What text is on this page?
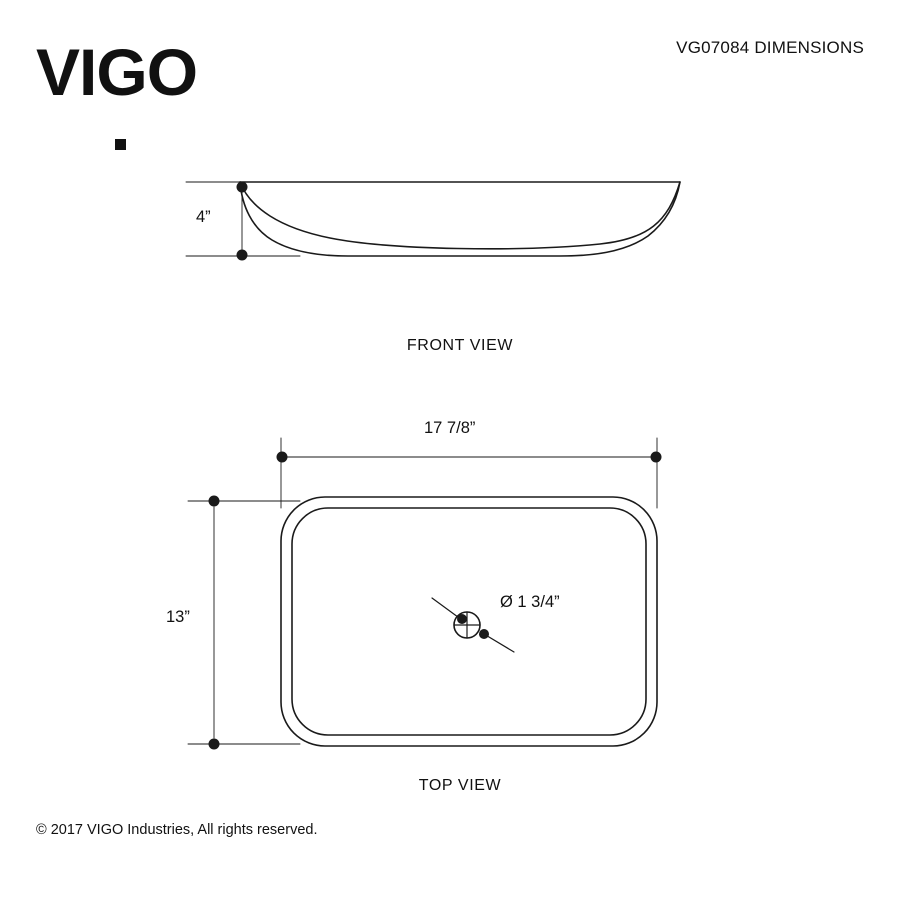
VIGO	VG07084 DIMENSIONS
4”
17 7/8”
13”
Ø 1 3/4”
FRONT VIEW
TOP VIEW
© 2017 VIGO Industries, All rights reserved.
